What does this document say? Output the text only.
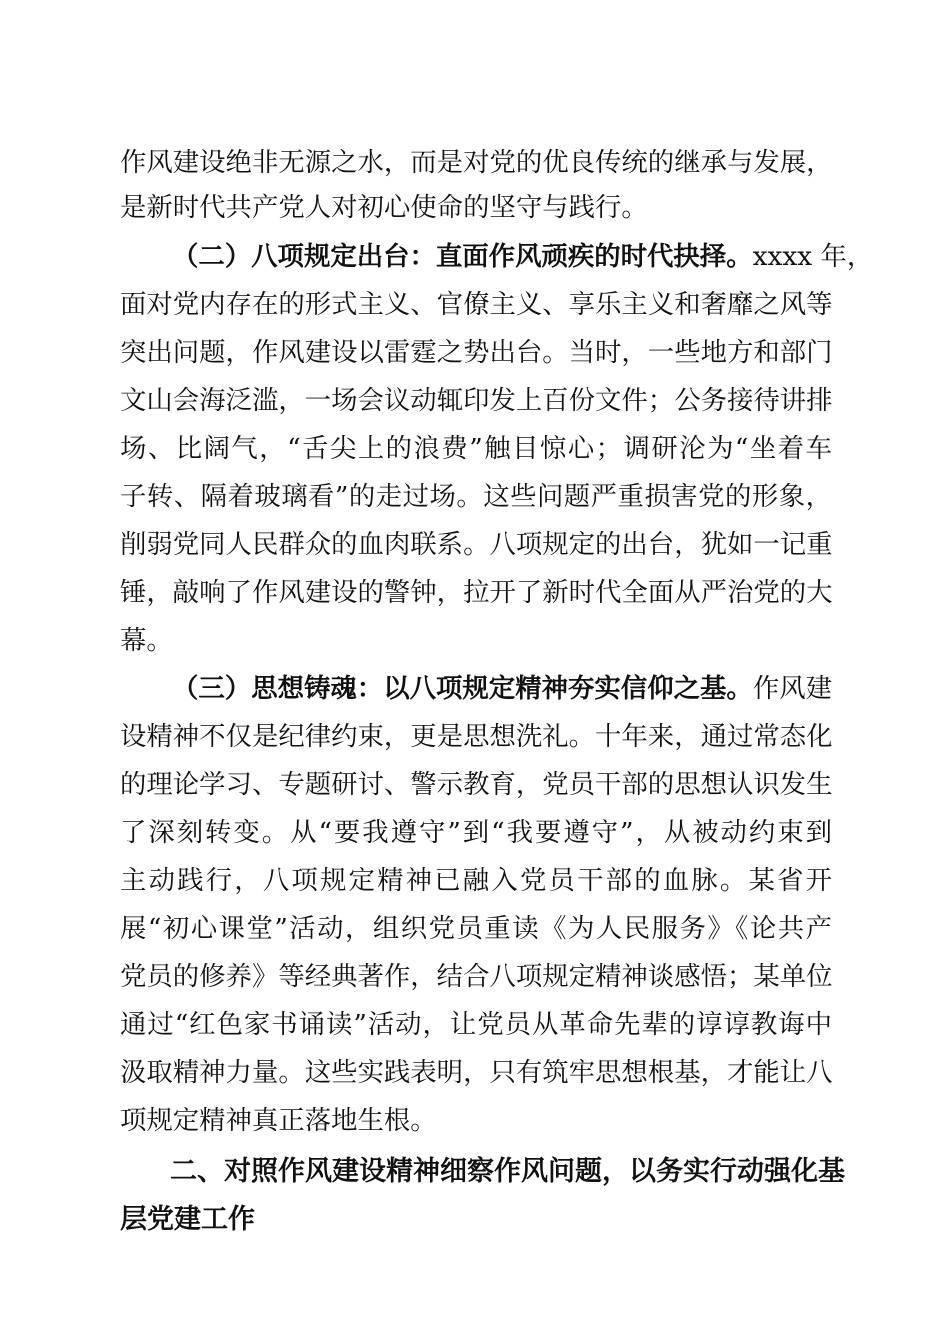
作风建设绝非无源之水，而是对党的优良传统的继承与发展，
是新时代共产党人对初心使命的坚守与践行。
（二）八项规定出台：直面作风顽疾的时代抉择。xxxx 年，
面对党内存在的形式主义、官僚主义、享乐主义和奢靡之风等
突出问题，作风建设以雷霆之势出台。当时，一些地方和部门
文山会海泛滥，一场会议动辄印发上百份文件；公务接待讲排
场、比阔气，“舌尖上的浪费”触目惊心；调研沦为“坐着车
子转、隔着玻璃看”的走过场。这些问题严重损害党的形象，
削弱党同人民群众的血肉联系。八项规定的出台，犹如一记重
锤，敲响了作风建设的警钟，拉开了新时代全面从严治党的大
幕。
（三）思想铸魂：以八项规定精神夯实信仰之基。作风建
设精神不仅是纪律约束，更是思想洗礼。十年来，通过常态化
的理论学习、专题研讨、警示教育，党员干部的思想认识发生
了深刻转变。从“要我遵守”到“我要遵守”，从被动约束到
主动践行，八项规定精神已融入党员干部的血脉。某省开
展“初心课堂”活动，组织党员重读《为人民服务》《论共产
党员的修养》等经典著作，结合八项规定精神谈感悟；某单位
通过“红色家书诵读”活动，让党员从革命先辈的谆谆教诲中
汲取精神力量。这些实践表明，只有筑牢思想根基，才能让八
项规定精神真正落地生根。
二、对照作风建设精神细察作风问题，以务实行动强化基
层党建工作
